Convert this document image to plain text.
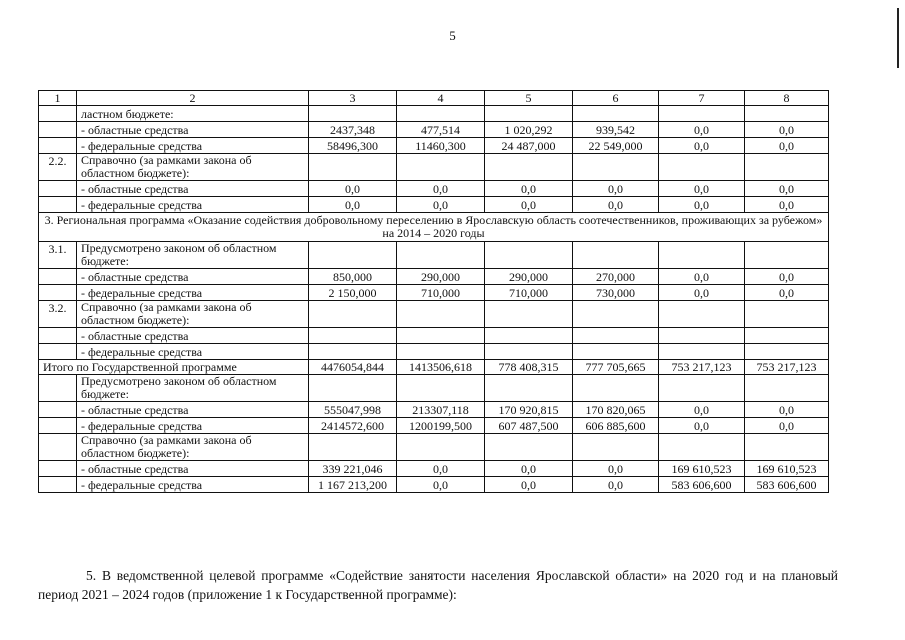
5
1	2	3	4	5	6	7	8
	ластном бюджете:						
	- областные средства	2437,348	477,514	1 020,292	939,542	0,0	0,0
	- федеральные средства	58496,300	11460,300	24 487,000	22 549,000	0,0	0,0
2.2.	Справочно (за рамками закона об областном бюджете):						
	- областные средства	0,0	0,0	0,0	0,0	0,0	0,0
	- федеральные средства	0,0	0,0	0,0	0,0	0,0	0,0
3. Региональная программа «Оказание содействия добровольному переселению в Ярославскую область соотечественников, проживающих за рубежом» на 2014 – 2020 годы							
3.1.	Предусмотрено законом об областном бюджете:						
	- областные средства	850,000	290,000	290,000	270,000	0,0	0,0
	- федеральные средства	2 150,000	710,000	710,000	730,000	0,0	0,0
3.2.	Справочно (за рамками закона об областном бюджете):						
	- областные средства						
	- федеральные средства						
Итого по Государственной программе		4476054,844	1413506,618	778 408,315	777 705,665	753 217,123	753 217,123
	Предусмотрено законом об областном бюджете:						
	- областные средства	555047,998	213307,118	170 920,815	170 820,065	0,0	0,0
	- федеральные средства	2414572,600	1200199,500	607 487,500	606 885,600	0,0	0,0
	Справочно (за рамками закона об областном бюджете):						
	- областные средства	339 221,046	0,0	0,0	0,0	169 610,523	169 610,523
	- федеральные средства	1 167 213,200	0,0	0,0	0,0	583 606,600	583 606,600

5. В ведомственной целевой программе «Содействие занятости населения Ярославской области» на 2020 год и на плановый период 2021 – 2024 годов (приложение 1 к Государственной программе):
